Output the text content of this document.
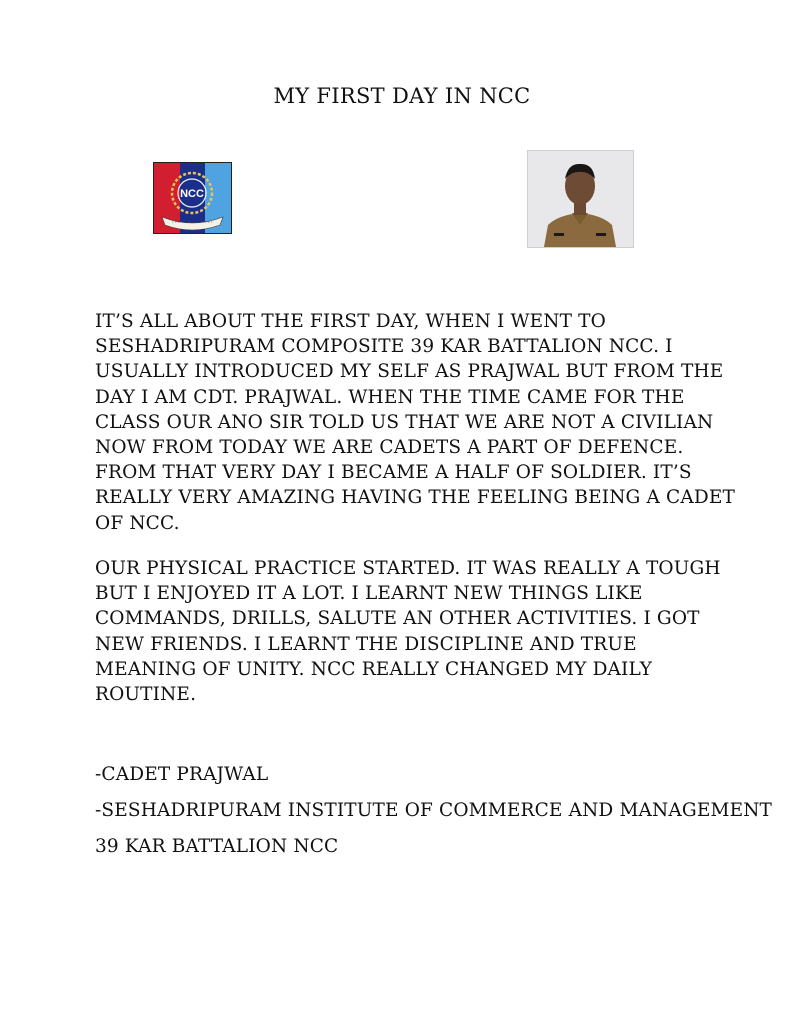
MY FIRST DAY IN NCC
NCC
IT’S ALL ABOUT THE FIRST DAY, WHEN I WENT TO SESHADRIPURAM COMPOSITE 39 KAR BATTALION NCC. I USUALLY INTRODUCED MY SELF AS PRAJWAL BUT FROM THE DAY I AM CDT. PRAJWAL. WHEN THE TIME CAME FOR THE CLASS OUR ANO SIR TOLD US THAT WE ARE NOT A CIVILIAN NOW FROM TODAY WE ARE CADETS A PART OF DEFENCE. FROM THAT VERY DAY I BECAME A HALF OF SOLDIER. IT’S REALLY VERY AMAZING HAVING THE FEELING BEING A CADET OF NCC.
OUR PHYSICAL PRACTICE STARTED. IT WAS REALLY A TOUGH BUT I ENJOYED IT A LOT. I LEARNT NEW THINGS LIKE COMMANDS, DRILLS, SALUTE AN OTHER ACTIVITIES. I GOT NEW FRIENDS. I LEARNT THE DISCIPLINE AND TRUE MEANING OF UNITY. NCC REALLY CHANGED MY DAILY ROUTINE.
-CADET PRAJWAL
-SESHADRIPURAM INSTITUTE OF COMMERCE AND MANAGEMENT
39 KAR BATTALION NCC
